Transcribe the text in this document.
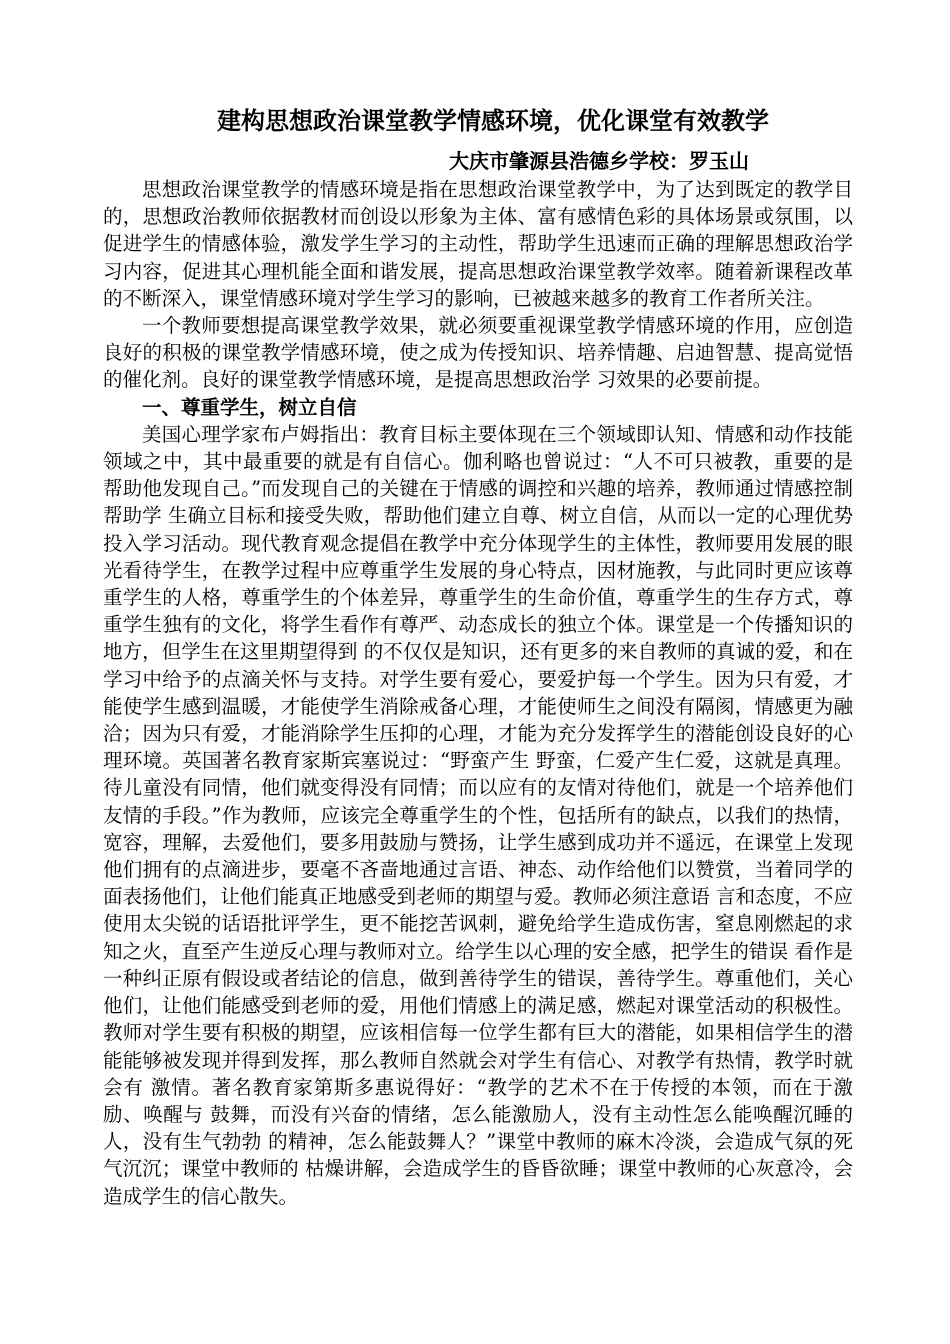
建构思想政治课堂教学情感环境，优化课堂有效教学

大庆市肇源县浩德乡学校：罗玉山

思想政治课堂教学的情感环境是指在思想政治课堂教学中，为了达到既定的教学目的，思想政治教师依据教材而创设以形象为主体、富有感情色彩的具体场景或氛围，以促进学生的情感体验，激发学生学习的主动性，帮助学生迅速而正确的理解思想政治学习内容，促进其心理机能全面和谐发展，提高思想政治课堂教学效率。随着新课程改革的不断深入，课堂情感环境对学生学习的影响，已被越来越多的教育工作者所关注。

一个教师要想提高课堂教学效果，就必须要重视课堂教学情感环境的作用，应创造良好的积极的课堂教学情感环境，使之成为传授知识、培养情趣、启迪智慧、提高觉悟的催化剂。良好的课堂教学情感环境，是提高思想政治学 习效果的必要前提。

一、尊重学生，树立自信

美国心理学家布卢姆指出：教育目标主要体现在三个领域即认知、情感和动作技能 领域之中，其中最重要的就是有自信心。伽利略也曾说过：“人不可只被教，重要的是帮助他发现自己。”而发现自己的关键在于情感的调控和兴趣的培养，教师通过情感控制帮助学 生确立目标和接受失败，帮助他们建立自尊、树立自信，从而以一定的心理优势投入学习活动。现代教育观念提倡在教学中充分体现学生的主体性，教师要用发展的眼光看待学生，在教学过程中应尊重学生发展的身心特点，因材施教，与此同时更应该尊重学生的人格，尊重学生的个体差异，尊重学生的生命价值，尊重学生的生存方式，尊重学生独有的文化，将学生看作有尊严、动态成长的独立个体。课堂是一个传播知识的地方，但学生在这里期望得到 的不仅仅是知识，还有更多的来自教师的真诚的爱，和在学习中给予的点滴关怀与支持。对学生要有爱心，要爱护每一个学生。因为只有爱，才能使学生感到温暖，才能使学生消除戒备心理，才能使师生之间没有隔阂，情感更为融洽；因为只有爱，才能消除学生压抑的心理，才能为充分发挥学生的潜能创设良好的心理环境。英国著名教育家斯宾塞说过：“野蛮产生 野蛮，仁爱产生仁爱，这就是真理。待儿童没有同情，他们就变得没有同情；而以应有的友情对待他们，就是一个培养他们友情的手段。”作为教师，应该完全尊重学生的个性，包括所有的缺点，以我们的热情，宽容，理解，去爱他们，要多用鼓励与赞扬，让学生感到成功并不遥远，在课堂上发现他们拥有的点滴进步，要毫不吝啬地通过言语、神态、动作给他们以赞赏，当着同学的面表扬他们，让他们能真正地感受到老师的期望与爱。教师必须注意语 言和态度，不应使用太尖锐的话语批评学生，更不能挖苦讽刺，避免给学生造成伤害，窒息刚燃起的求知之火，直至产生逆反心理与教师对立。给学生以心理的安全感，把学生的错误 看作是一种纠正原有假设或者结论的信息，做到善待学生的错误，善待学生。尊重他们，关心他们，让他们能感受到老师的爱，用他们情感上的满足感，燃起对课堂活动的积极性。教师对学生要有积极的期望，应该相信每一位学生都有巨大的潜能，如果相信学生的潜能能够被发现并得到发挥，那么教师自然就会对学生有信心、对教学有热情，教学时就会有 激情。著名教育家第斯多惠说得好：“教学的艺术不在于传授的本领，而在于激励、唤醒与 鼓舞，而没有兴奋的情绪，怎么能激励人，没有主动性怎么能唤醒沉睡的人，没有生气勃勃 的精神，怎么能鼓舞人？”课堂中教师的麻木冷淡，会造成气氛的死气沉沉；课堂中教师的 枯燥讲解，会造成学生的昏昏欲睡；课堂中教师的心灰意冷，会造成学生的信心散失。
